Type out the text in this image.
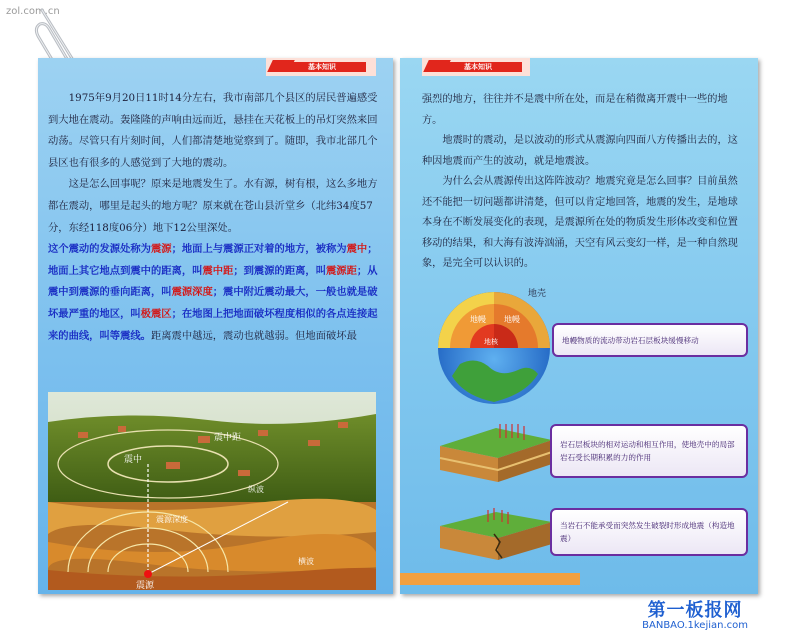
zol.com.cn
基本知识

1975年9月20日11时14分左右，我市南部几个县区的居民普遍感受到大地在震动。轰隆隆的声响由远而近，悬挂在天花板上的吊灯突然来回动荡。尽管只有片刻时间，人们都清楚地觉察到了。随即，我市北部几个县区也有很多的人感觉到了大地的震动。

这是怎么回事呢？原来是地震发生了。水有源，树有根，这么多地方都在震动，哪里是起头的地方呢？原来就在苍山县沂堂乡（北纬34度57分，东经118度06分）地下12公里深处。

这个震动的发源处称为震源；地面上与震源正对着的地方，被称为震中；地面上其它地点到震中的距离，叫震中距；到震源的距离，叫震源距；从震中到震源的垂向距离，叫震源深度；震中附近震动最大，一般也就是破坏最严重的地区，叫极震区；在地图上把地面破坏程度相似的各点连接起来的曲线，叫等震线。距离震中越远，震动也就越弱。但地面破坏最

震中距
震中
纵波
震源深度
震源
横波
基本知识

强烈的地方，往往并不是震中所在处，而是在稍微离开震中一些的地方。

地震时的震动，是以波动的形式从震源向四面八方传播出去的，这种因地震而产生的波动，就是地震波。

为什么会从震源传出这阵阵波动？地震究竟是怎么回事？目前虽然还不能把一切问题都讲清楚，但可以肯定地回答，地震的发生，是地球本身在不断发展变化的表现，是震源所在处的物质发生形体改变和位置移动的结果，和大海有波涛汹涌，天空有风云变幻一样，是一种自然现象，是完全可以认识的。

地幔 地幔
地核
地壳
地幔物质的流动带动岩石层板块缓慢移动
岩石层板块的相对运动和相互作用，使地壳中的局部岩石受长期积累的力的作用
当岩石不能承受而突然发生破裂时形成地震（构造地震）
第一板报网
BANBAO.1kejian.com
